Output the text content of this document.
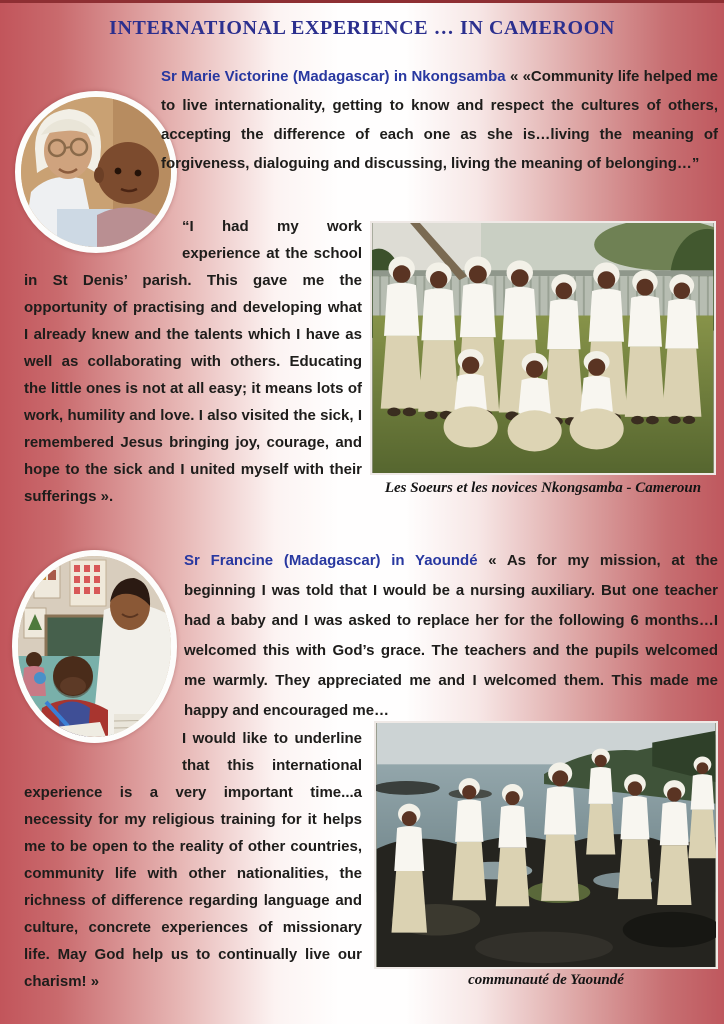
INTERNATIONAL EXPERIENCE … IN CAMEROON
Sr Marie Victorine (Madagascar) in Nkongsamba « «Community life helped me to live internationality, getting to know and respect the cultures of others, accepting the difference of each one as she is…living the meaning of forgiveness, dialoguing and discussing, living the meaning of belonging…”
“I had my work experience at the school in St Denis’ parish. This gave me the opportunity of practising and developing what I already knew and the talents which I have as well as collaborating with others. Educating the little ones is not at all easy; it means lots of work, humility and love. I also visited the sick, I remembered Jesus bringing joy, courage, and hope to the sick and I united myself with their sufferings ».	Les Soeurs et les novices Nkongsamba - Cameroun
Sr Francine (Madagascar) in Yaoundé « As for my mission, at the beginning I was told that I would be a nursing auxiliary. But one teacher had a baby and I was asked to replace her for the following 6 months…I welcomed this with God’s grace. The teachers and the pupils welcomed me warmly. They appreciated me and I welcomed them. This made me happy and encouraged me…
I would like to underline that this international experience is a very important time...a necessity for my religious training for it helps me to be open to the reality of other countries, community life with other nationalities, the richness of difference regarding language and culture, concrete experiences of missionary life. May God help us to continually live our charism! »	communauté de Yaoundé
